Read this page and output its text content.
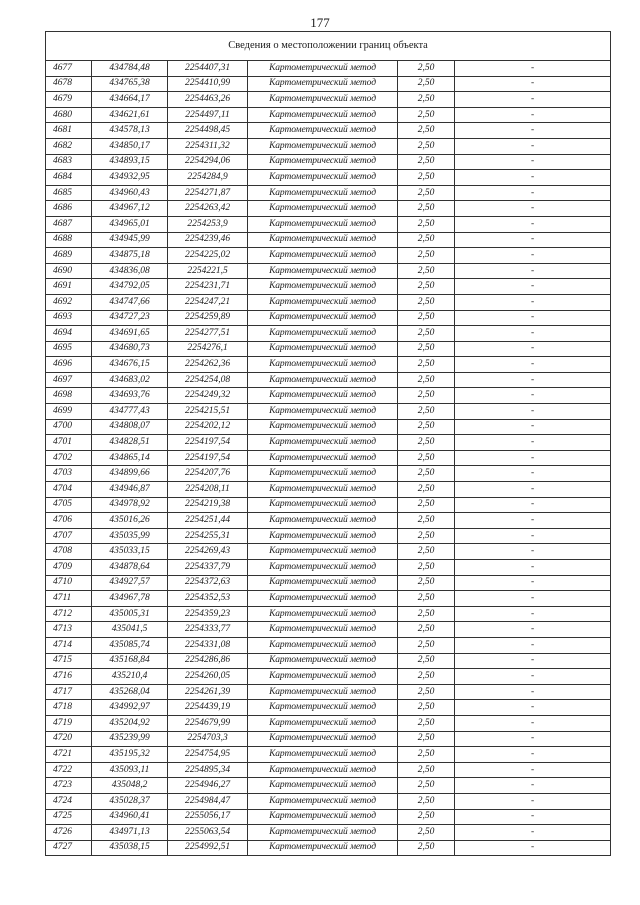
177
Сведения о местоположении границ объекта					
4677	434784,48	2254407,31	Картометрический метод	2,50	-
4678	434765,38	2254410,99	Картометрический метод	2,50	-
4679	434664,17	2254463,26	Картометрический метод	2,50	-
4680	434621,61	2254497,11	Картометрический метод	2,50	-
4681	434578,13	2254498,45	Картометрический метод	2,50	-
4682	434850,17	2254311,32	Картометрический метод	2,50	-
4683	434893,15	2254294,06	Картометрический метод	2,50	-
4684	434932,95	2254284,9	Картометрический метод	2,50	-
4685	434960,43	2254271,87	Картометрический метод	2,50	-
4686	434967,12	2254263,42	Картометрический метод	2,50	-
4687	434965,01	2254253,9	Картометрический метод	2,50	-
4688	434945,99	2254239,46	Картометрический метод	2,50	-
4689	434875,18	2254225,02	Картометрический метод	2,50	-
4690	434836,08	2254221,5	Картометрический метод	2,50	-
4691	434792,05	2254231,71	Картометрический метод	2,50	-
4692	434747,66	2254247,21	Картометрический метод	2,50	-
4693	434727,23	2254259,89	Картометрический метод	2,50	-
4694	434691,65	2254277,51	Картометрический метод	2,50	-
4695	434680,73	2254276,1	Картометрический метод	2,50	-
4696	434676,15	2254262,36	Картометрический метод	2,50	-
4697	434683,02	2254254,08	Картометрический метод	2,50	-
4698	434693,76	2254249,32	Картометрический метод	2,50	-
4699	434777,43	2254215,51	Картометрический метод	2,50	-
4700	434808,07	2254202,12	Картометрический метод	2,50	-
4701	434828,51	2254197,54	Картометрический метод	2,50	-
4702	434865,14	2254197,54	Картометрический метод	2,50	-
4703	434899,66	2254207,76	Картометрический метод	2,50	-
4704	434946,87	2254208,11	Картометрический метод	2,50	-
4705	434978,92	2254219,38	Картометрический метод	2,50	-
4706	435016,26	2254251,44	Картометрический метод	2,50	-
4707	435035,99	2254255,31	Картометрический метод	2,50	-
4708	435033,15	2254269,43	Картометрический метод	2,50	-
4709	434878,64	2254337,79	Картометрический метод	2,50	-
4710	434927,57	2254372,63	Картометрический метод	2,50	-
4711	434967,78	2254352,53	Картометрический метод	2,50	-
4712	435005,31	2254359,23	Картометрический метод	2,50	-
4713	435041,5	2254333,77	Картометрический метод	2,50	-
4714	435085,74	2254331,08	Картометрический метод	2,50	-
4715	435168,84	2254286,86	Картометрический метод	2,50	-
4716	435210,4	2254260,05	Картометрический метод	2,50	-
4717	435268,04	2254261,39	Картометрический метод	2,50	-
4718	434992,97	2254439,19	Картометрический метод	2,50	-
4719	435204,92	2254679,99	Картометрический метод	2,50	-
4720	435239,99	2254703,3	Картометрический метод	2,50	-
4721	435195,32	2254754,95	Картометрический метод	2,50	-
4722	435093,11	2254895,34	Картометрический метод	2,50	-
4723	435048,2	2254946,27	Картометрический метод	2,50	-
4724	435028,37	2254984,47	Картометрический метод	2,50	-
4725	434960,41	2255056,17	Картометрический метод	2,50	-
4726	434971,13	2255063,54	Картометрический метод	2,50	-
4727	435038,15	2254992,51	Картометрический метод	2,50	-
